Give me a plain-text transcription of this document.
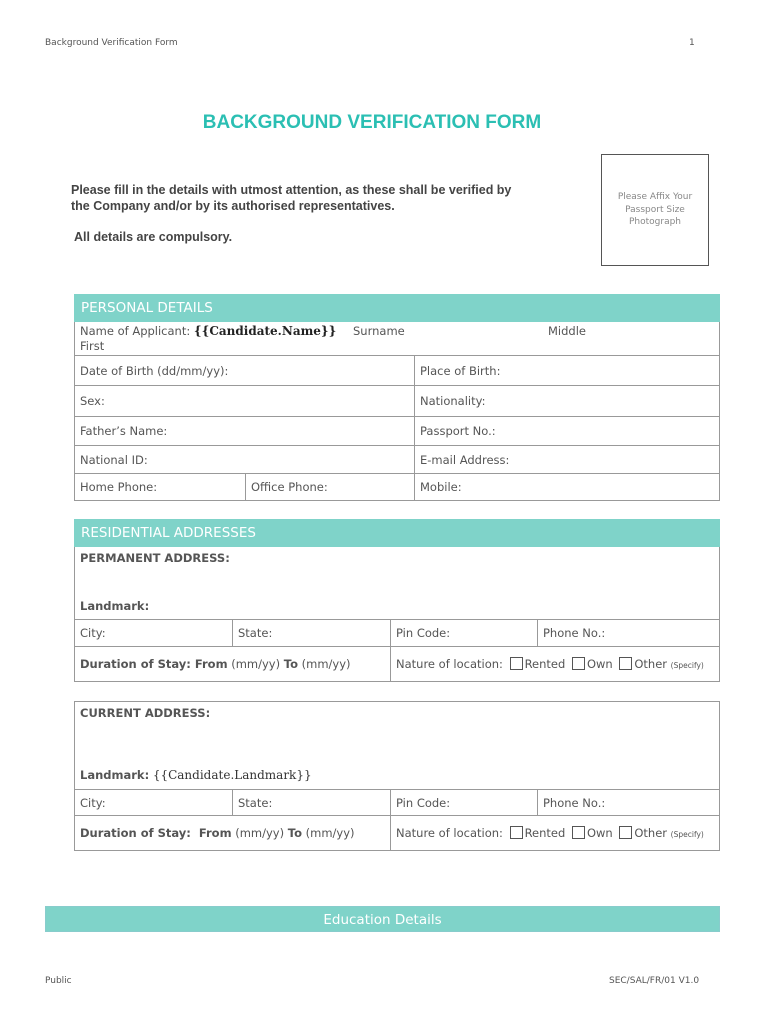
Background Verification Form	1
BACKGROUND VERIFICATION FORM
Please fill in the details with utmost attention, as these shall be verified by
the Company and/or by its authorised representatives.
All details are compulsory.
Please Affix Your
Passport Size
Photograph
PERSONAL DETAILS		

Name of Applicant: {{Candidate.Name}} Surname Middle
First		

Date of Birth (dd/mm/yy):		Place of Birth:
Sex:		Nationality:
Father’s Name:		Passport No.:
National ID:		E-mail Address:
Home Phone:	Office Phone:	Mobile:
RESIDENTIAL ADDRESSES			
PERMANENT ADDRESS:
Landmark:			

City:	State:	Pin Code:	Phone No.:
Duration of Stay: From (mm/yy) To (mm/yy)		Nature of location: Rented Own Other (Specify)	
CURRENT ADDRESS:
Landmark: {{Candidate.Landmark}}			

City:	State:	Pin Code:	Phone No.:
Duration of Stay:  From (mm/yy) To (mm/yy)		Nature of location: Rented Own Other (Specify)	
Education Details
Public	SEC/SAL/FR/01 V1.0
